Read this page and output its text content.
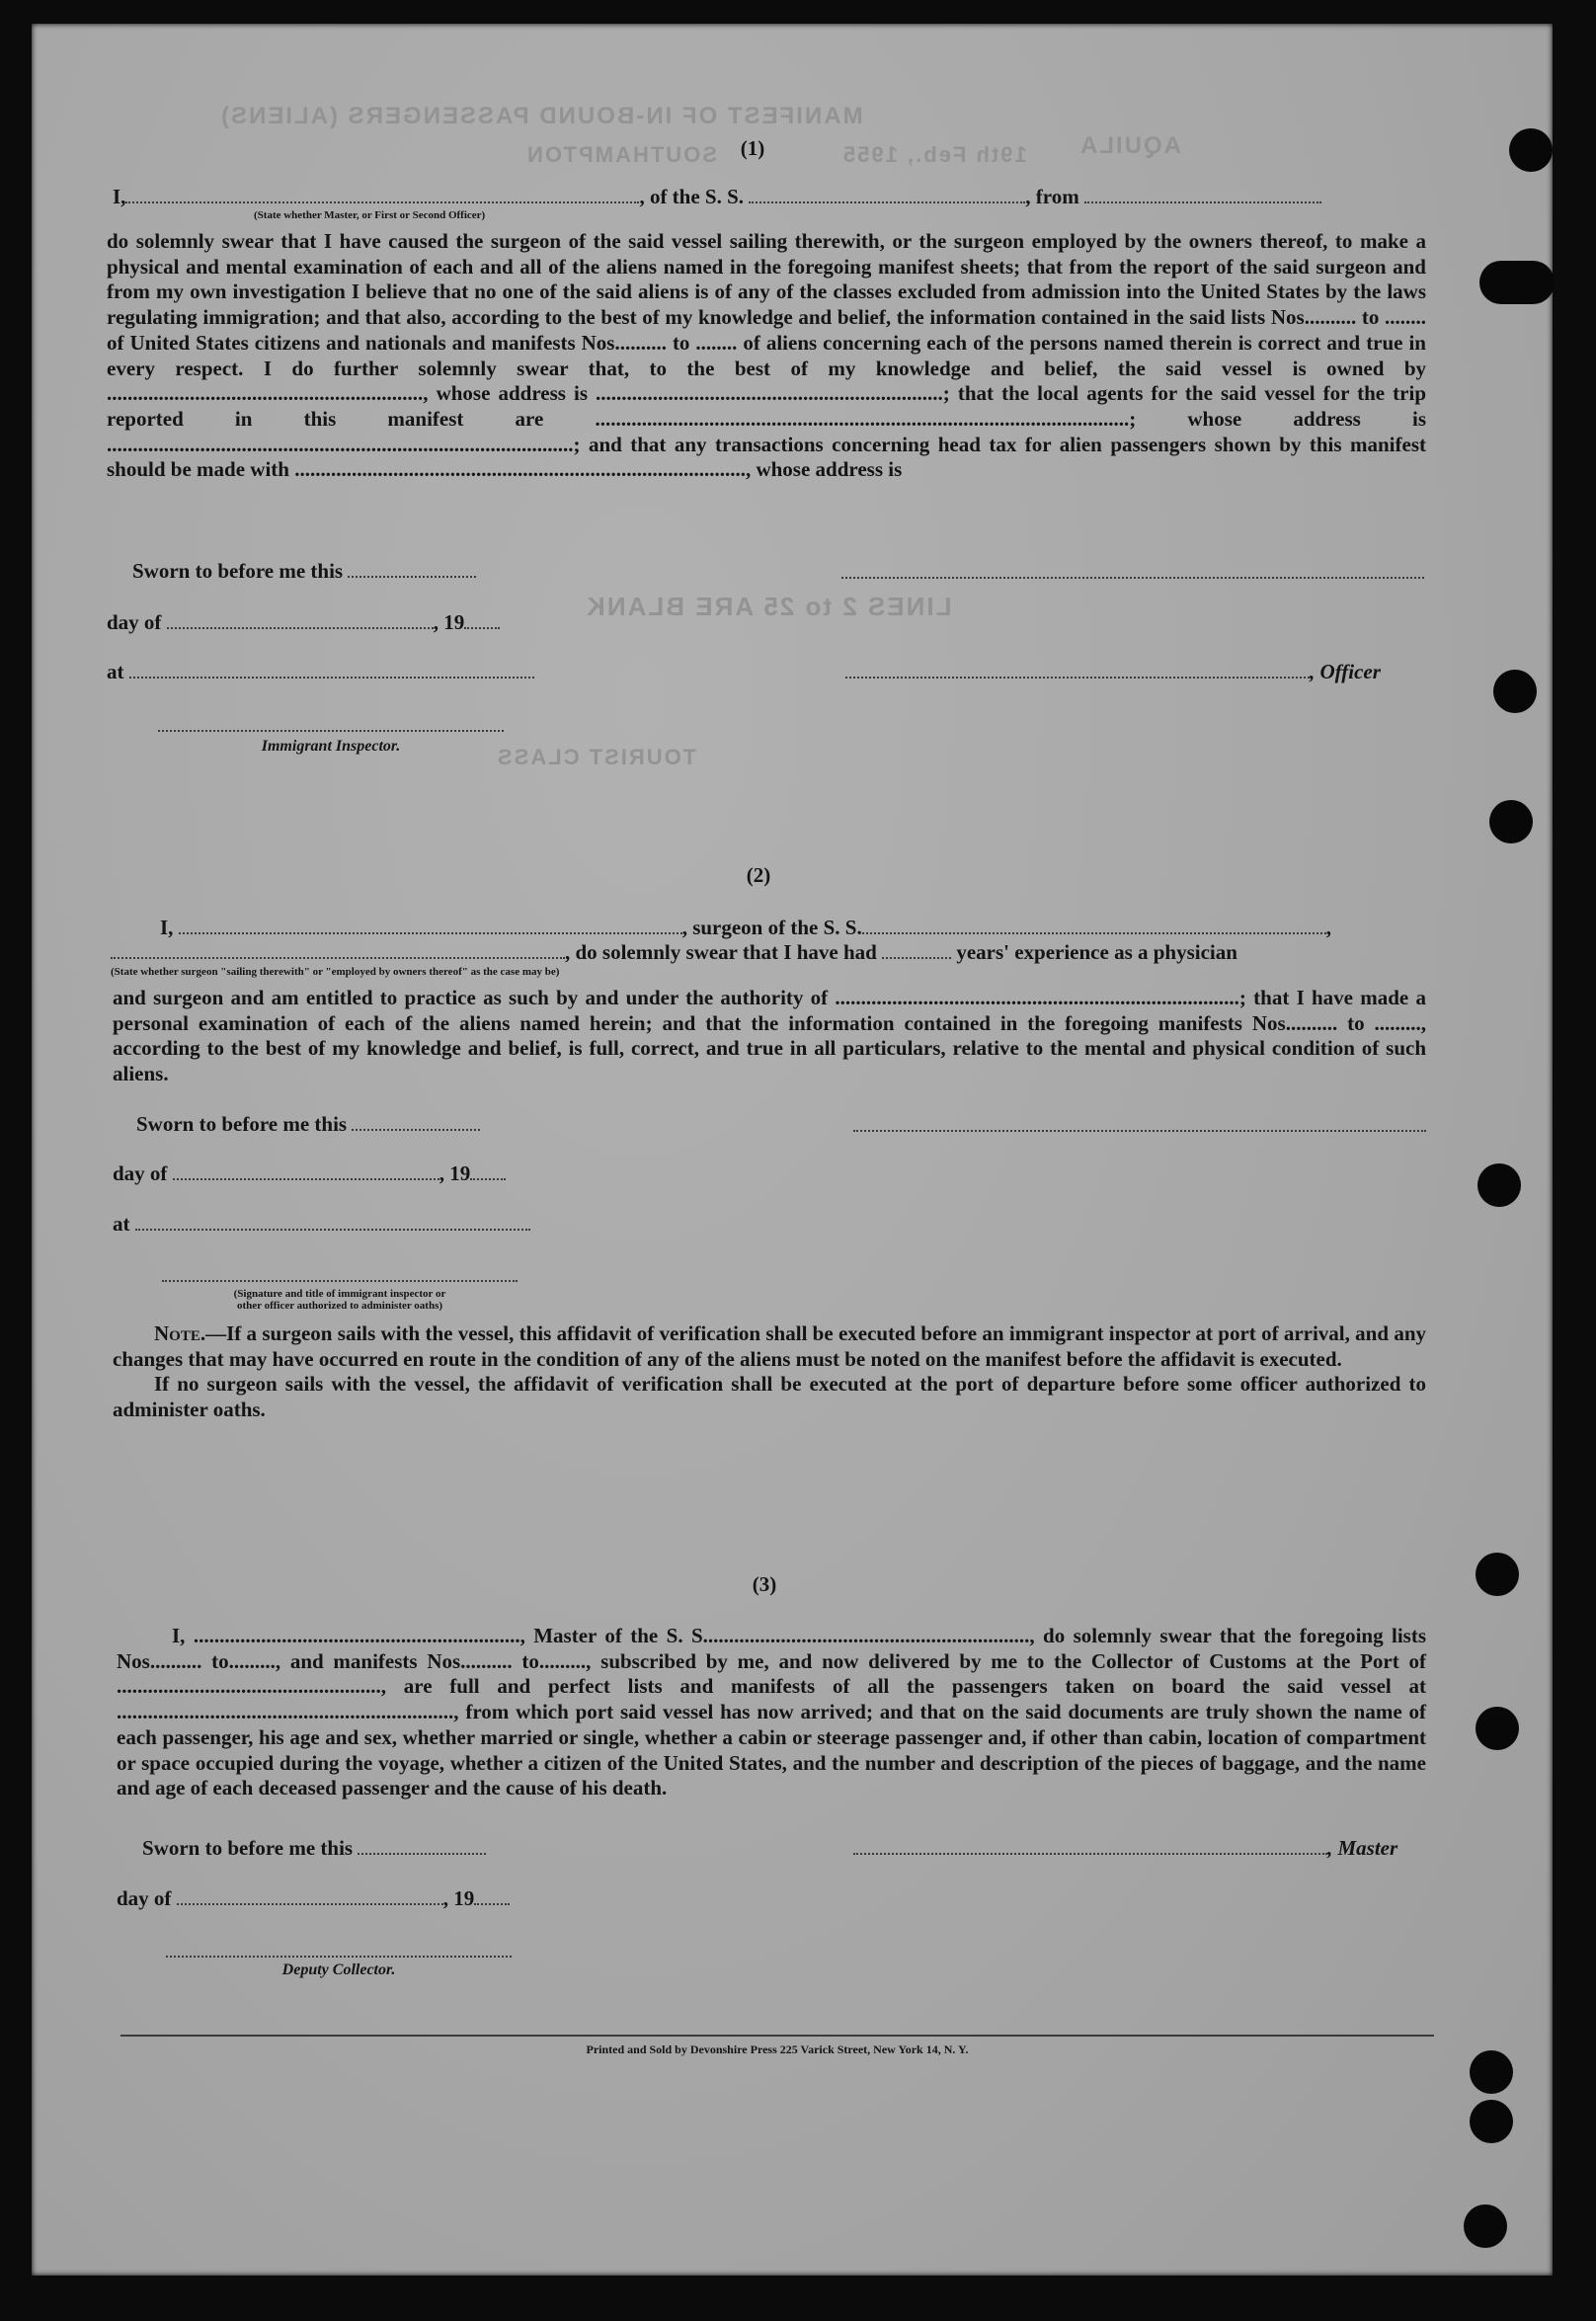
MANIFEST OF IN-BOUND PASSENGERS (ALIENS)
SOUTHAMPTON	19th Feb., 1955 AQUILA
LINES 2 to 25 ARE BLANK
TOURIST CLASS
(1)
I,	, of the S. S.	, from
(State whether Master, or First or Second Officer)

do solemnly swear that I have caused the surgeon of the said vessel sailing therewith, or the surgeon employed by the owners thereof, to make a physical and mental examination of each and all of the aliens named in the foregoing manifest sheets; that from the report of the said surgeon and from my own investigation I believe that no one of the said aliens is of any of the classes excluded from admission into the United States by the laws regulating immigration; and that also, according to the best of my knowledge and belief, the information contained in the said lists Nos.......... to ........ of United States citizens and nationals and manifests Nos.......... to ........ of aliens concerning each of the persons named therein is correct and true in every respect. I do further solemnly swear that, to the best of my knowledge and belief, the said vessel is owned by ............................................................., whose address is ...................................................................; that the local agents for the said vessel for the trip reported in this manifest are .......................................................................................................; whose address is ..........................................................................................; and that any transactions concerning head tax for alien passengers shown by this manifest should be made with ......................................................................................., whose address is

Sworn to before me this
day of	, 19
at	, Officer
Immigrant Inspector.
(2)
I,	, surgeon of the S. S.	,
, do solemnly swear that I have had	years' experience as a physician
(State whether surgeon "sailing therewith" or "employed by owners thereof" as the case may be)

and surgeon and am entitled to practice as such by and under the authority of ..............................................................................; that I have made a personal examination of each of the aliens named herein; and that the information contained in the foregoing manifests Nos.......... to ........., according to the best of my knowledge and belief, is full, correct, and true in all particulars, relative to the mental and physical condition of such aliens.

Sworn to before me this
day of	, 19
at
(Signature and title of immigrant inspector or
other officer authorized to administer oaths)

Note.—If a surgeon sails with the vessel, this affidavit of verification shall be executed before an immigrant inspector at port of arrival, and any changes that may have occurred en route in the condition of any of the aliens must be noted on the manifest before the affidavit is executed.

If no surgeon sails with the vessel, the affidavit of verification shall be executed at the port of departure before some officer authorized to administer oaths.

(3)

I, ..............................................................., Master of the S. S..............................................................., do solemnly swear that the foregoing lists Nos.......... to........., and manifests Nos.......... to........., subscribed by me, and now delivered by me to the Collector of Customs at the Port of ..................................................., are full and perfect lists and manifests of all the passengers taken on board the said vessel at ................................................................., from which port said vessel has now arrived; and that on the said documents are truly shown the name of each passenger, his age and sex, whether married or single, whether a cabin or steerage passenger and, if other than cabin, location of compartment or space occupied during the voyage, whether a citizen of the United States, and the number and description of the pieces of baggage, and the name and age of each deceased passenger and the cause of his death.

Sworn to before me this	, Master
day of	, 19
Deputy Collector.
Printed and Sold by Devonshire Press 225 Varick Street, New York 14, N. Y.
